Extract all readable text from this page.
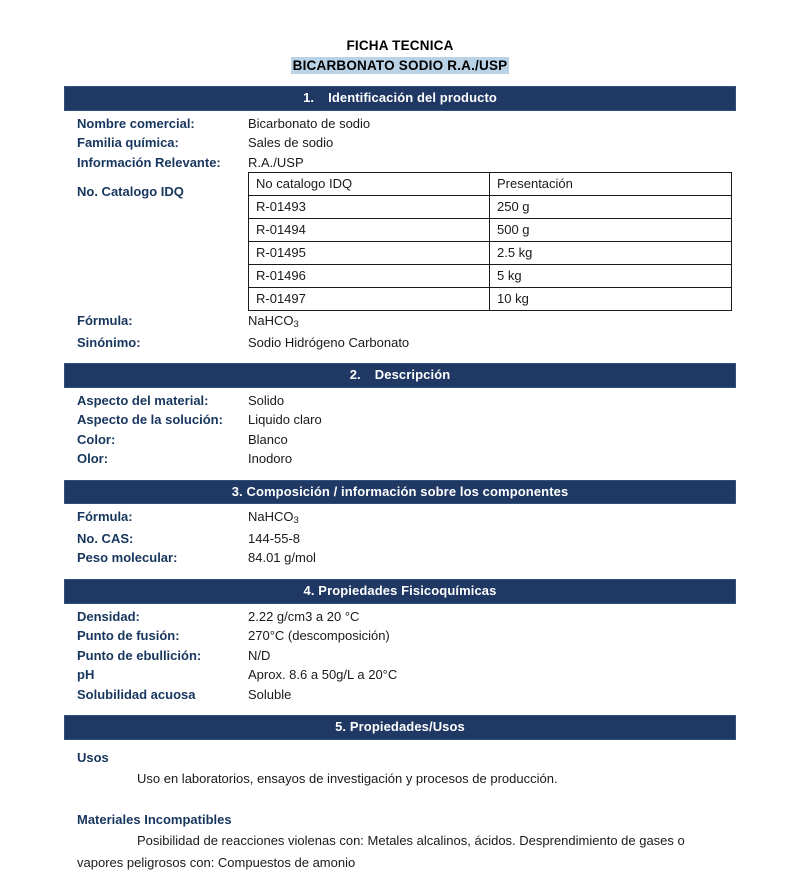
FICHA TECNICA
BICARBONATO SODIO R.A./USP
1. Identificación del producto
Nombre comercial:	Bicarbonato de sodio
Familia química:	Sales de sodio
Información Relevante:	R.A./USP
No. Catalogo IDQ
No catalogo IDQ	Presentación
R-01493	250 g
R-01494	500 g
R-01495	2.5 kg
R-01496	5 kg
R-01497	10 kg
Fórmula:	NaHCO$_3$
Sinónimo:	Sodio Hidrógeno Carbonato
2. Descripción
Aspecto del material:	Solido
Aspecto de la solución:	Liquido claro
Color:	Blanco
Olor:	Inodoro
3. Composición / información sobre los componentes
Fórmula:	NaHCO$_3$
No. CAS:	144-55-8
Peso molecular:	84.01 g/mol
4. Propiedades Fisicoquímicas
Densidad:	2.22 g/cm3 a 20 °C
Punto de fusión:	270°C (descomposición)
Punto de ebullición:	N/D
pH	Aprox. 8.6 a 50g/L a 20°C
Solubilidad acuosa	Soluble
5. Propiedades/Usos
Usos
Uso en laboratorios, ensayos de investigación y procesos de producción.
Materiales Incompatibles
Posibilidad de reacciones violenas con: Metales alcalinos, ácidos. Desprendimiento de gases o vapores peligrosos con: Compuestos de amonio
